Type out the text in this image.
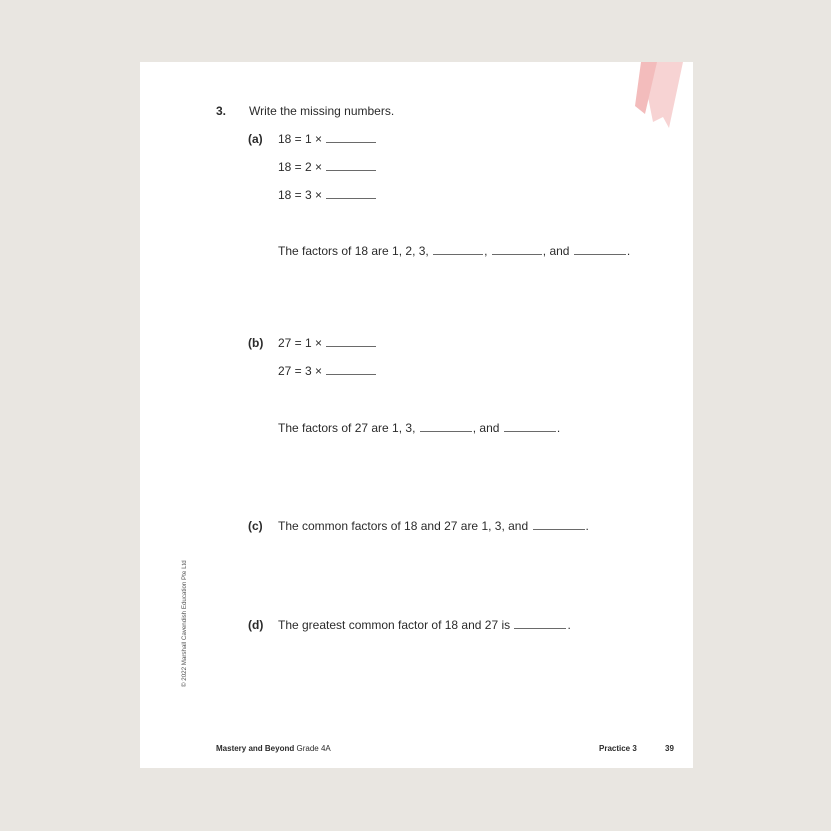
3. Write the missing numbers.
(a) 18 = 1 ×
18 = 2 ×
18 = 3 ×
The factors of 18 are 1, 2, 3,	,	, and	.
(b) 27 = 1 ×
27 = 3 ×
The factors of 27 are 1, 3,	, and	.
(c) The common factors of 18 and 27 are 1, 3, and	.
(d) The greatest common factor of 18 and 27 is	.
© 2022 Marshall Cavendish Education Pte Ltd
Mastery and Beyond Grade 4A	Practice 3	39
